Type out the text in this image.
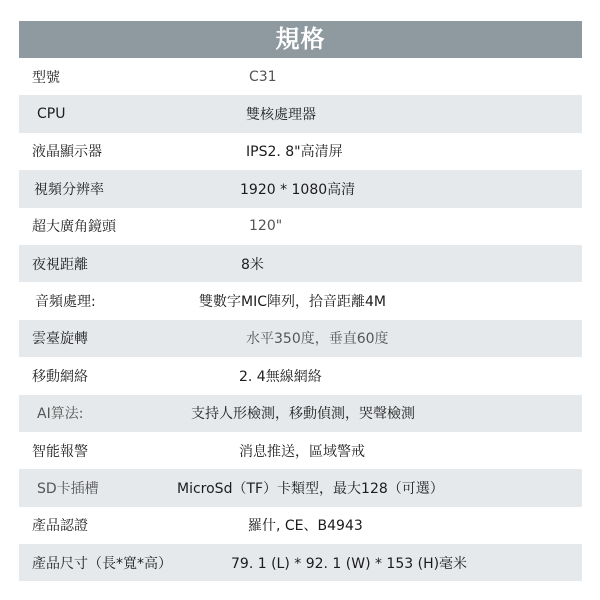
規格
型號	C31
CPU	雙核處理器
液晶顯示器	IPS2. 8"高清屏
視頻分辨率	1920 * 1080高清
超大廣角鏡頭	120"
夜視距離	8米
音頻處理:	雙數字MIC陣列，拾音距離4M
雲臺旋轉	水平350度，垂直60度
移動網絡	2. 4無線網絡
AI算法:	支持人形檢測，移動偵測，哭聲檢測
智能報警	消息推送，區域警戒
SD卡插槽	MicroSd（TF）卡類型，最大128（可選）
產品認證	羅什, CE、B4943
產品尺寸（長*寬*高）	79. 1 (L) * 92. 1 (W) * 153 (H)毫米
